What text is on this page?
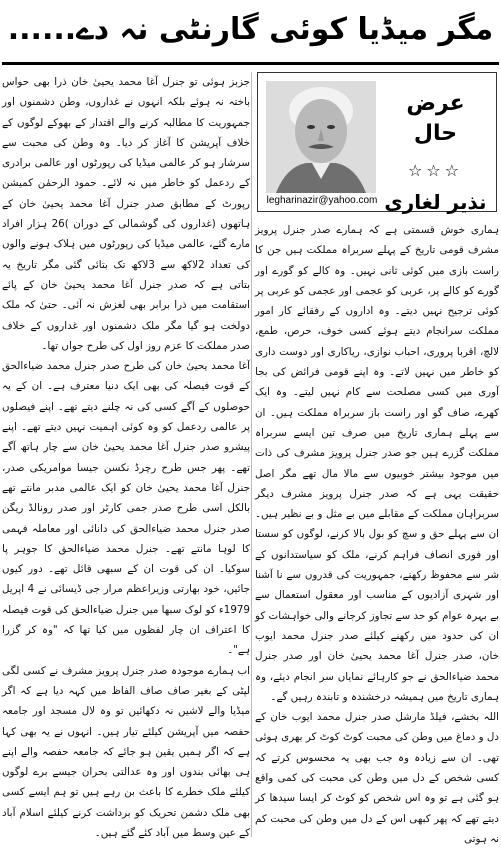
مگر میڈیا کوئی گارنٹی نہ دے......
legharinazir@yahoo.com
عرض حال
☆☆☆
نذیر لغاری

ہماری خوش قسمتی ہے کہ ہمارے صدر جنرل پرویز مشرف قومی تاریخ کے پہلے سربراہ مملکت ہیں جن کا راست بازی میں کوئی ثانی نہیں۔ وہ کالے کو گورے اور گورے کو کالے پر، عربی کو عجمی اور عجمی کو عربی پر کوئی ترجیح نہیں دیتے۔ وہ اداروں کے رفقائے کار امور مملکت سرانجام دیتے ہوئے کسی خوف، حرص، طمع، لالچ، اقربا پروری، احباب نوازی، ریاکاری اور دوست داری کو خاطر میں نہیں لاتے۔ وہ اپنے قومی فرائض کی بجا آوری میں کسی مصلحت سے کام نہیں لیتے۔ وہ ایک کھرے، صاف گو اور راست باز سربراہ مملکت ہیں۔ ان سے پہلے ہماری تاریخ میں صرف تین ایسے سربراہ مملکت گزرے ہیں جو صدر جنرل پرویز مشرف کی ذات میں موجود بیشتر خوبیوں سے مالا مال تھے مگر اصل حقیقت یہی ہے کہ صدر جنرل پرویز مشرف دیگر سربراہان مملکت کے مقابلے میں بے مثل و بے نظیر ہیں۔ ان سے پہلے حق و سچ کو بول بالا کرنے، لوگوں کو سستا اور فوری انصاف فراہم کرنے، ملک کو سیاستدانوں کے شر سے محفوظ رکھنے، جمہوریت کی قدروں سے نا آشنا اور شہری آزادیوں کے مناسب اور معقول استعمال سے بے بہرہ عوام کو حد سے تجاوز کرجانے والی خواہشات کو ان کی حدود میں رکھنے کیلئے صدر جنرل محمد ایوب خان، صدر جنرل آغا محمد یحییٰ خان اور صدر جنرل محمد ضیاءالحق نے جو کارہائے نمایاں سر انجام دیئے، وہ ہماری تاریخ میں ہمیشہ درخشندہ و تابندہ رہیں گے۔

اللہ بخشے، فیلڈ مارشل صدر جنرل محمد ایوب خان کے دل و دماغ میں وطن کی محبت کوٹ کوٹ کر بھری ہوئی تھی۔ ان سے زیادہ وہ جب بھی یہ محسوس کرتے کہ کسی شخص کے دل میں وطن کی محبت کی کمی واقع ہو گئی ہے تو وہ اس شخص کو کوٹ کر ایسا سیدھا کر دیتے تھے کہ پھر کبھی اس کے دل میں وطن کی محبت کم نہ ہوتی

جزبز ہوئی تو جنرل آغا محمد یحییٰ خان ذرا بھی حواس باختہ نہ ہوئے بلکہ انہوں نے غداروں، وطن دشمنوں اور جمہوریت کا مطالبہ کرنے والے اقتدار کے بھوکے لوگوں کے خلاف آپریشن کا آغاز کر دیا۔ وہ وطن کی محبت سے سرشار ہو کر عالمی میڈیا کی رپورٹوں اور عالمی برادری کے ردعمل کو خاطر میں نہ لائے۔ حمود الرحمٰن کمیشن رپورٹ کے مطابق صدر جنرل آغا محمد یحییٰ خان کے ہاتھوں (غداروں کی گوشمالی کے دوران )26 ہزار افراد مارے گئے، عالمی میڈیا کی رپورٹوں میں ہلاک ہونے والوں کی تعداد 2لاکھ سے 3لاکھ تک بتائی گئی مگر تاریخ یہ بتاتی ہے کہ صدر جنرل آغا محمد یحییٰ خان کے پائے استقامت میں ذرا برابر بھی لغزش نہ آئی۔ حتیٰ کہ ملک دولخت ہو گیا مگر ملک دشمنوں اور غداروں کے خلاف صدر مملکت کا عزم روز اول کی طرح جواں تھا۔

آغا محمد یحییٰ خان کی طرح صدر جنرل محمد ضیاءالحق کے قوت فیصلہ کی بھی ایک دنیا معترف ہے۔ ان کے یہ حوصلوں کے آگے کسی کی نہ چلنے دیتے تھے۔ اپنے فیصلوں پر عالمی ردعمل کو وہ کوئی اہمیت نہیں دیتے تھے۔ اپنے پیشرو صدر جنرل آغا محمد یحییٰ خان سے چار ہاتھ آگے تھے۔ پھر جس طرح رچرڈ نکسن جیسا موامریکی صدر، جنرل آغا محمد یحییٰ خان کو ایک عالمی مدبر مانتے تھے بالکل اسی طرح صدر جمی کارٹر اور صدر رونالڈ ریگن صدر جنرل محمد ضیاءالحق کی دانائی اور معاملہ فہمی کا لوہا مانتے تھے۔ جنرل محمد ضیاءالحق کا جوہر پا سوکیا۔ ان کی قوت ان کے سبھی قائل تھے۔ دور کیوں جائیں، خود بھارتی وزیراعظم مرار جی ڈیسائی نے 4 اپریل 1979ء کو لوک سبھا میں جنرل ضیاءالحق کی قوت فیصلہ کا اعتراف ان چار لفظوں میں کیا تھا کہ "وہ کر گزرا ہے"۔

اب ہمارے موجودہ صدر جنرل پرویز مشرف نے کسی لگی لپٹی کے بغیر صاف صاف الفاظ میں کہہ دیا ہے کہ اگر میڈیا والے لاشیں نہ دکھائیں تو وہ لال مسجد اور جامعہ حفصہ میں آپریشن کیلئے تیار ہیں۔ انہوں نے یہ بھی کہا ہے کہ اگر ہمیں یقین ہو جائے کہ جامعہ حفصہ والے اپنے ہی بھائی بندوں اور وہ عدالتی بحران جیسے برے لوگوں کیلئے ملک خطرے کا باعث بن رہے ہیں تو ہم ایسے کسی بھی ملک دشمن تحریک کو برداشت کرنے کیلئے اسلام آباد کے عین وسط میں آباد کئے گئے ہیں۔
